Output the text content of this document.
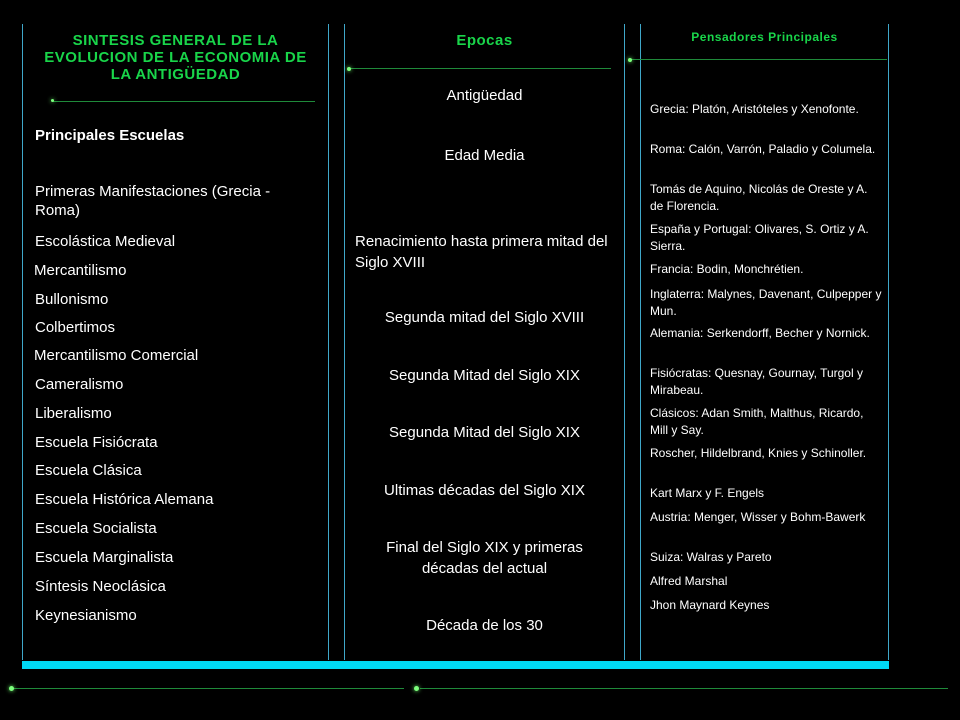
SINTESIS GENERAL DE LA EVOLUCION DE LA ECONOMIA DE LA ANTIGÜEDAD
Principales Escuelas
Primeras Manifestaciones (Grecia - Roma)
Escolástica Medieval
Mercantilismo
Bullonismo
Colbertimos
Mercantilismo Comercial
Cameralismo
Liberalismo
Escuela Fisiócrata
Escuela Clásica
Escuela Histórica Alemana
Escuela Socialista
Escuela Marginalista
Síntesis Neoclásica
Keynesianismo
Epocas
Antigüedad
Edad Media
Renacimiento hasta primera mitad del Siglo XVIII
Segunda mitad del Siglo XVIII
Segunda Mitad del Siglo XIX
Segunda Mitad del Siglo XIX
Ultimas décadas del Siglo XIX
Final del Siglo XIX y primeras décadas del actual
Década de los 30
Pensadores Principales
Grecia: Platón, Aristóteles y Xenofonte.
Roma: Calón, Varrón, Paladio y Columela.
Tomás de Aquino, Nicolás de Oreste y A. de Florencia.
España y Portugal: Olivares, S. Ortiz y A. Sierra.
Francia: Bodin, Monchrétien.
Inglaterra: Malynes, Davenant, Culpepper y Mun.
Alemania: Serkendorff, Becher y Nornick.
Fisiócratas: Quesnay, Gournay, Turgol y Mirabeau.
Clásicos: Adan Smith, Malthus, Ricardo, Mill y Say.
Roscher, Hildelbrand, Knies y Schinoller.
Kart Marx y F. Engels
Austria: Menger, Wisser y Bohm-Bawerk
Suiza: Walras y Pareto
Alfred Marshal
Jhon Maynard Keynes
